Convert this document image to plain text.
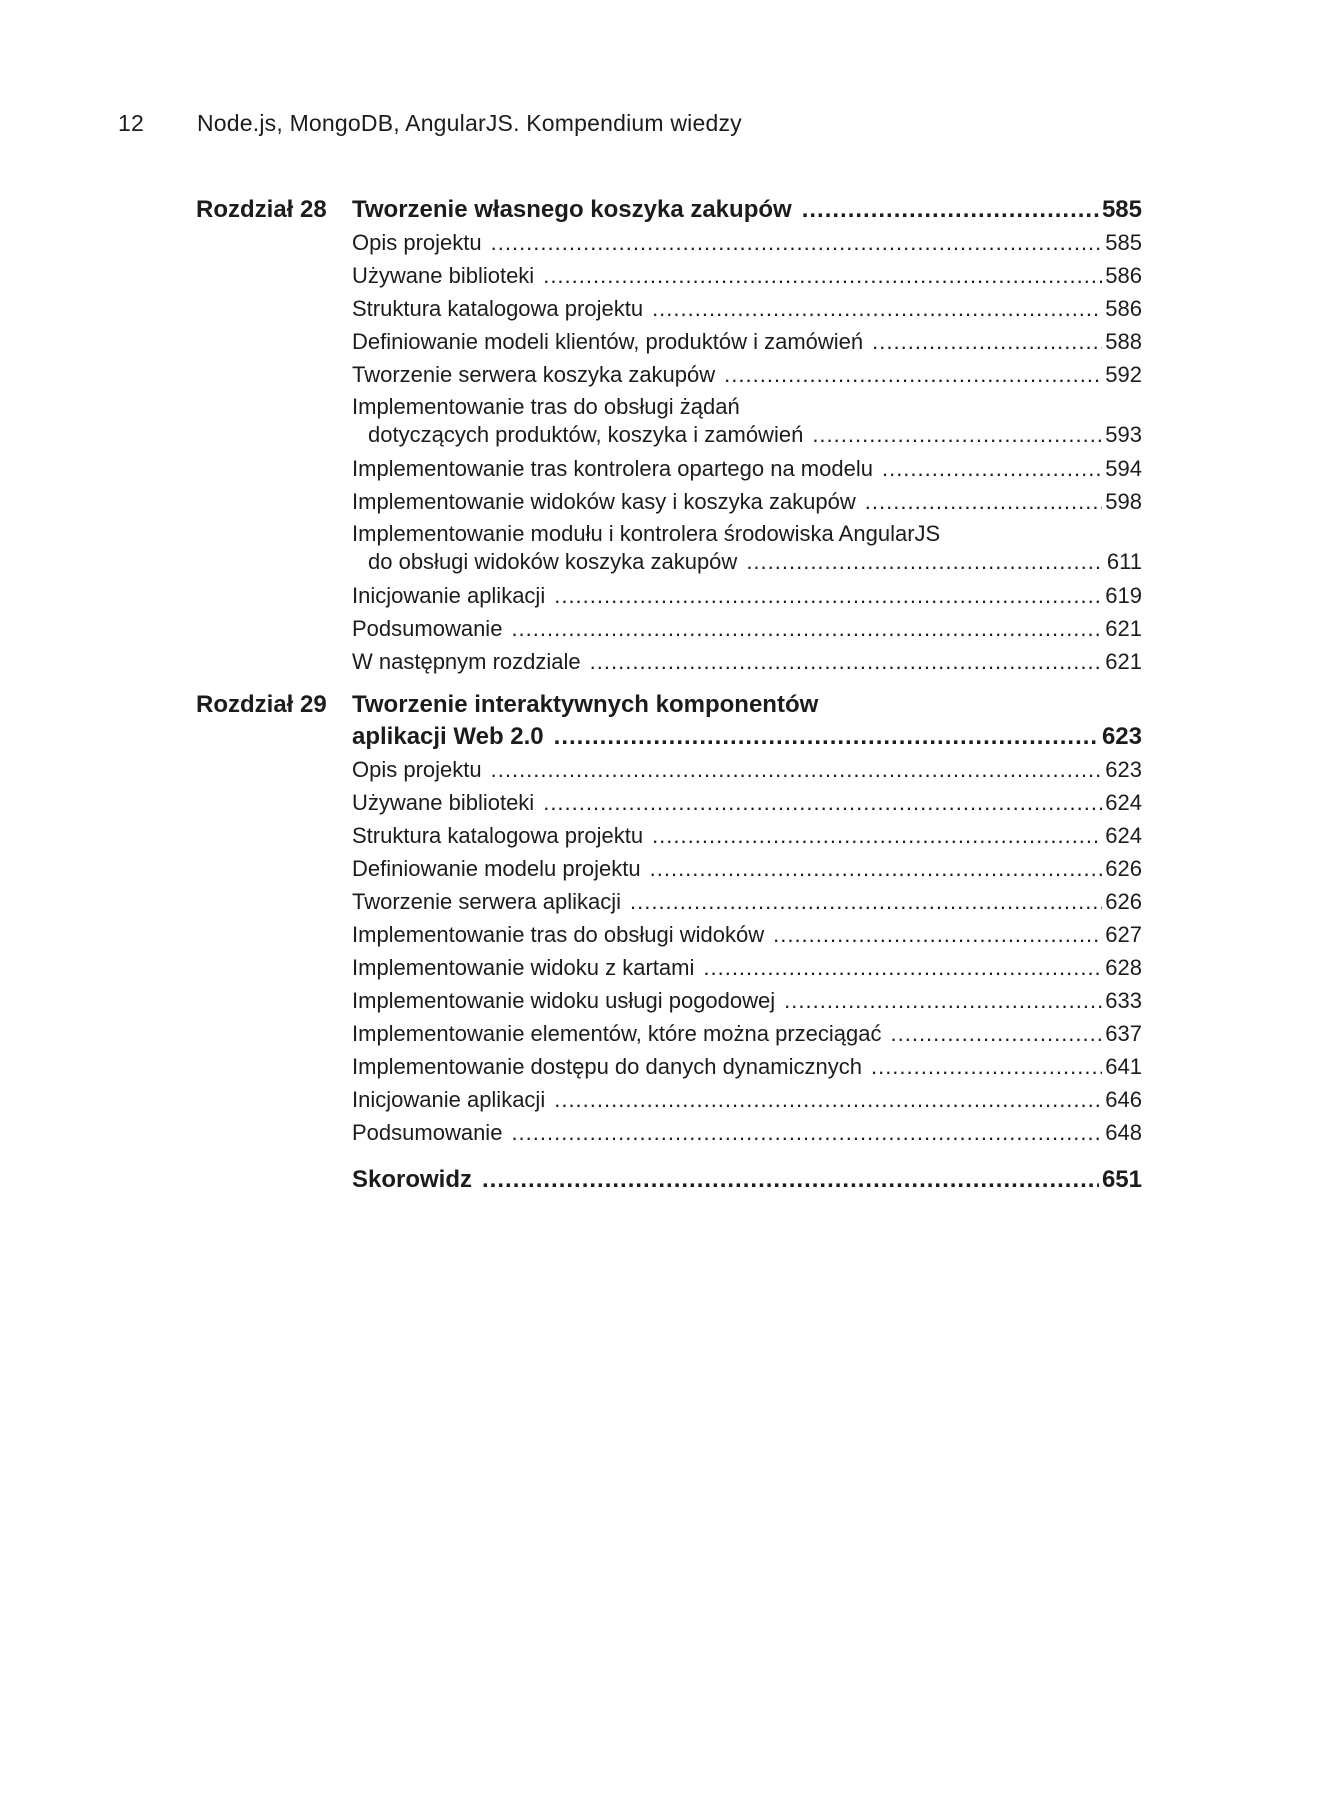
12 Node.js, MongoDB, AngularJS. Kompendium wiedzy
Rozdział 28 Tworzenie własnego koszyka zakupów .....	585
Opis projektu .....	585
Używane biblioteki .....	586
Struktura katalogowa projektu .....	586
Definiowanie modeli klientów, produktów i zamówień .....	588
Tworzenie serwera koszyka zakupów .....	592
Implementowanie tras do obsługi żądań
dotyczących produktów, koszyka i zamówień .....	593
Implementowanie tras kontrolera opartego na modelu .....	594
Implementowanie widoków kasy i koszyka zakupów .....	598
Implementowanie modułu i kontrolera środowiska AngularJS
do obsługi widoków koszyka zakupów .....	611
Inicjowanie aplikacji .....	619
Podsumowanie .....	621
W następnym rozdziale .....	621
Rozdział 29 Tworzenie interaktywnych komponentów
aplikacji Web 2.0 .....	623
Opis projektu .....	623
Używane biblioteki .....	624
Struktura katalogowa projektu .....	624
Definiowanie modelu projektu .....	626
Tworzenie serwera aplikacji .....	626
Implementowanie tras do obsługi widoków .....	627
Implementowanie widoku z kartami .....	628
Implementowanie widoku usługi pogodowej .....	633
Implementowanie elementów, które można przeciągać .....	637
Implementowanie dostępu do danych dynamicznych .....	641
Inicjowanie aplikacji .....	646
Podsumowanie .....	648
Skorowidz .....	651
